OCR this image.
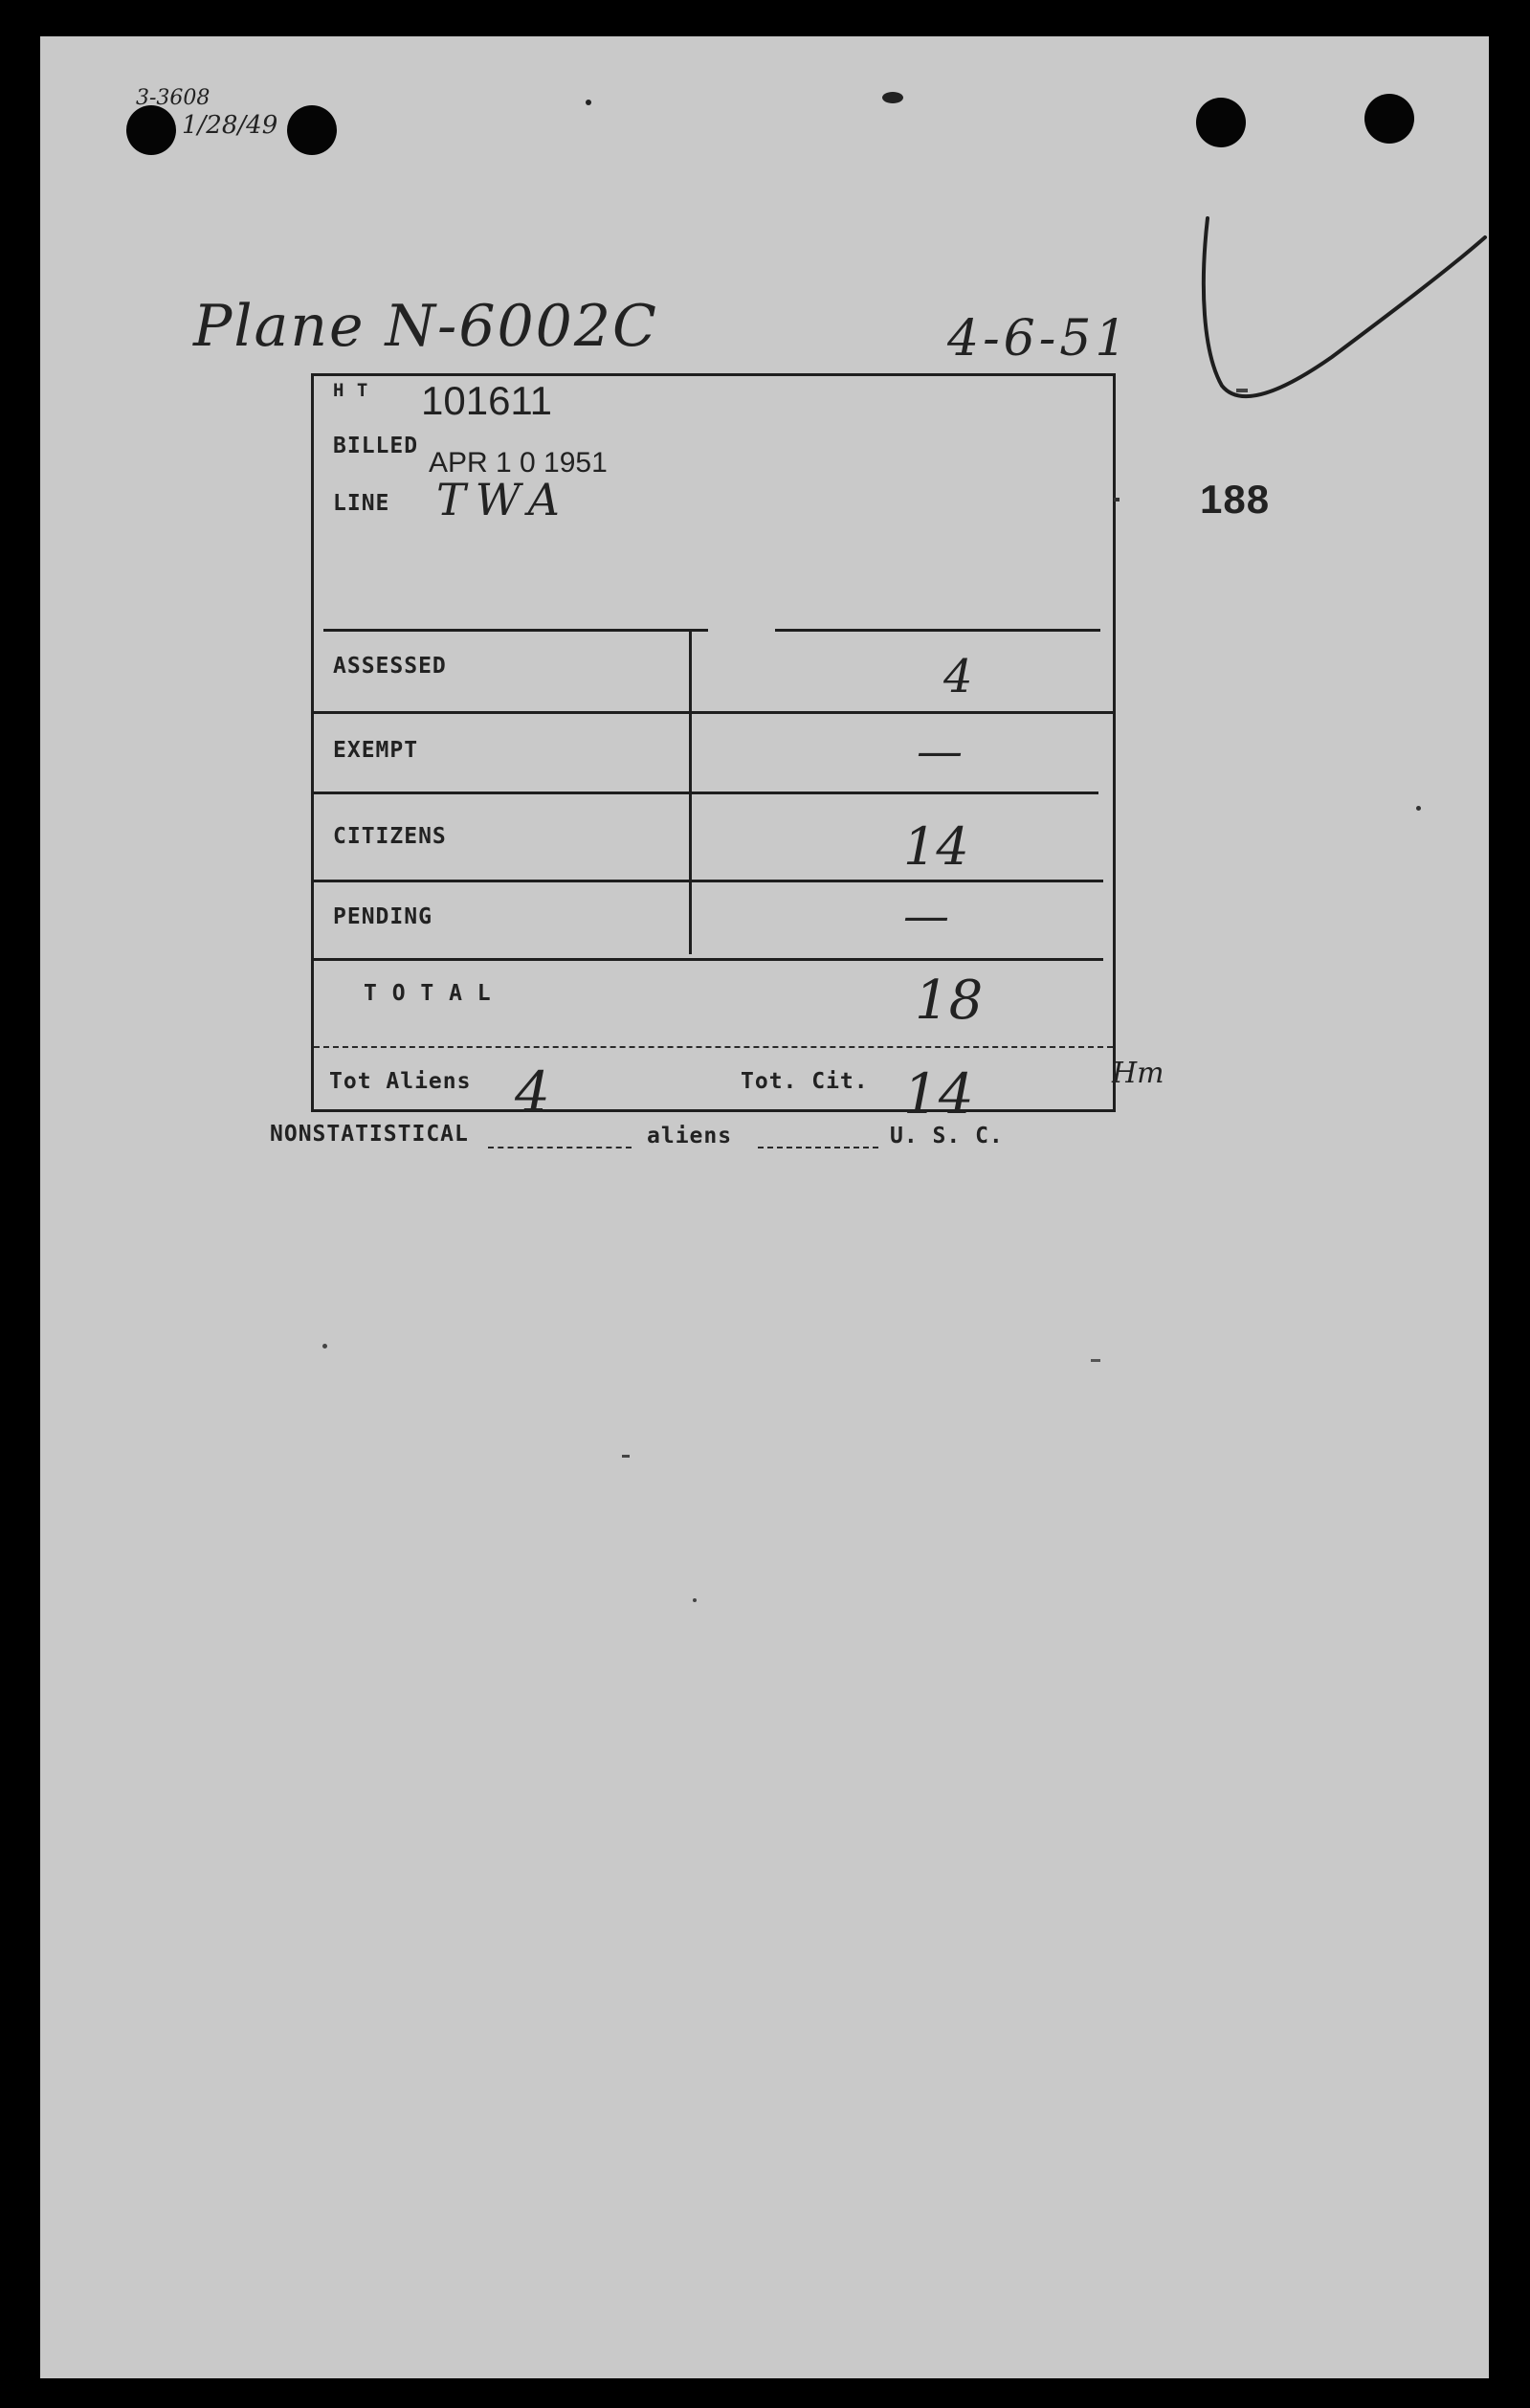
3-3608
1/28/49
Plane N-6002C	4-6-51
188
H T 101611
BILLED
APR 1 0 1951
LINE TWA
ASSESSED	4
EXEMPT	—
CITIZENS	14
PENDING	—
T O T A L	18
Tot Aliens 4	Tot. Cit. 14	Hm
NONSTATISTICAL	aliens	U. S. C.
